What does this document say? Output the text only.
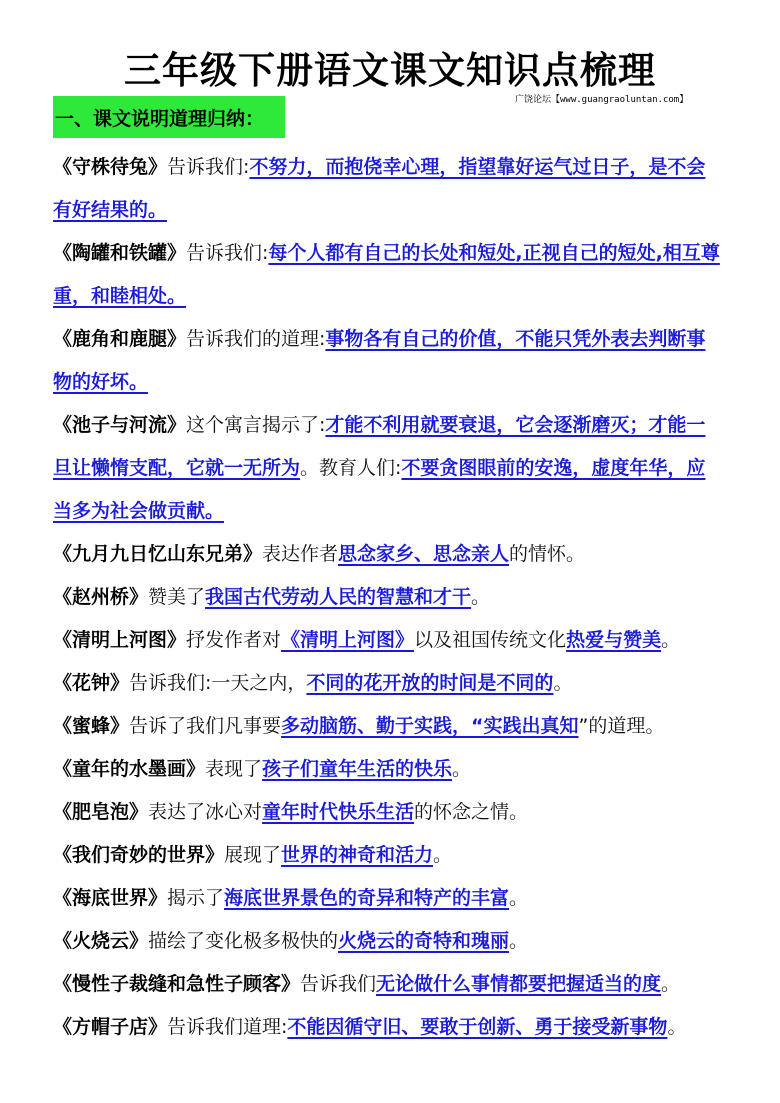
三年级下册语文课文知识点梳理
广饶论坛【www.guangraoluntan.com】
一、课文说明道理归纳：

《守株待兔》告诉我们:不努力，而抱侥幸心理，指望靠好运气过日子，是不会有好结果的。

《陶罐和铁罐》告诉我们:每个人都有自己的长处和短处,正视自己的短处,相互尊重，和睦相处。

《鹿角和鹿腿》告诉我们的道理:事物各有自己的价值，不能只凭外表去判断事物的好坏。

《池子与河流》这个寓言揭示了:才能不利用就要衰退，它会逐渐磨灭；才能一旦让懒惰支配，它就一无所为。教育人们:不要贪图眼前的安逸，虚度年华，应当多为社会做贡献。

《九月九日忆山东兄弟》表达作者思念家乡、思念亲人的情怀。

《赵州桥》赞美了我国古代劳动人民的智慧和才干。

《清明上河图》抒发作者对《清明上河图》以及祖国传统文化热爱与赞美。

《花钟》告诉我们:一天之内，不同的花开放的时间是不同的。

《蜜蜂》告诉了我们凡事要多动脑筋、勤于实践，“实践出真知”的道理。

《童年的水墨画》表现了孩子们童年生活的快乐。

《肥皂泡》表达了冰心对童年时代快乐生活的怀念之情。

《我们奇妙的世界》展现了世界的神奇和活力。

《海底世界》揭示了海底世界景色的奇异和特产的丰富。

《火烧云》描绘了变化极多极快的火烧云的奇特和瑰丽。

《慢性子裁缝和急性子顾客》告诉我们无论做什么事情都要把握适当的度。

《方帽子店》告诉我们道理:不能因循守旧、要敢于创新、勇于接受新事物。
